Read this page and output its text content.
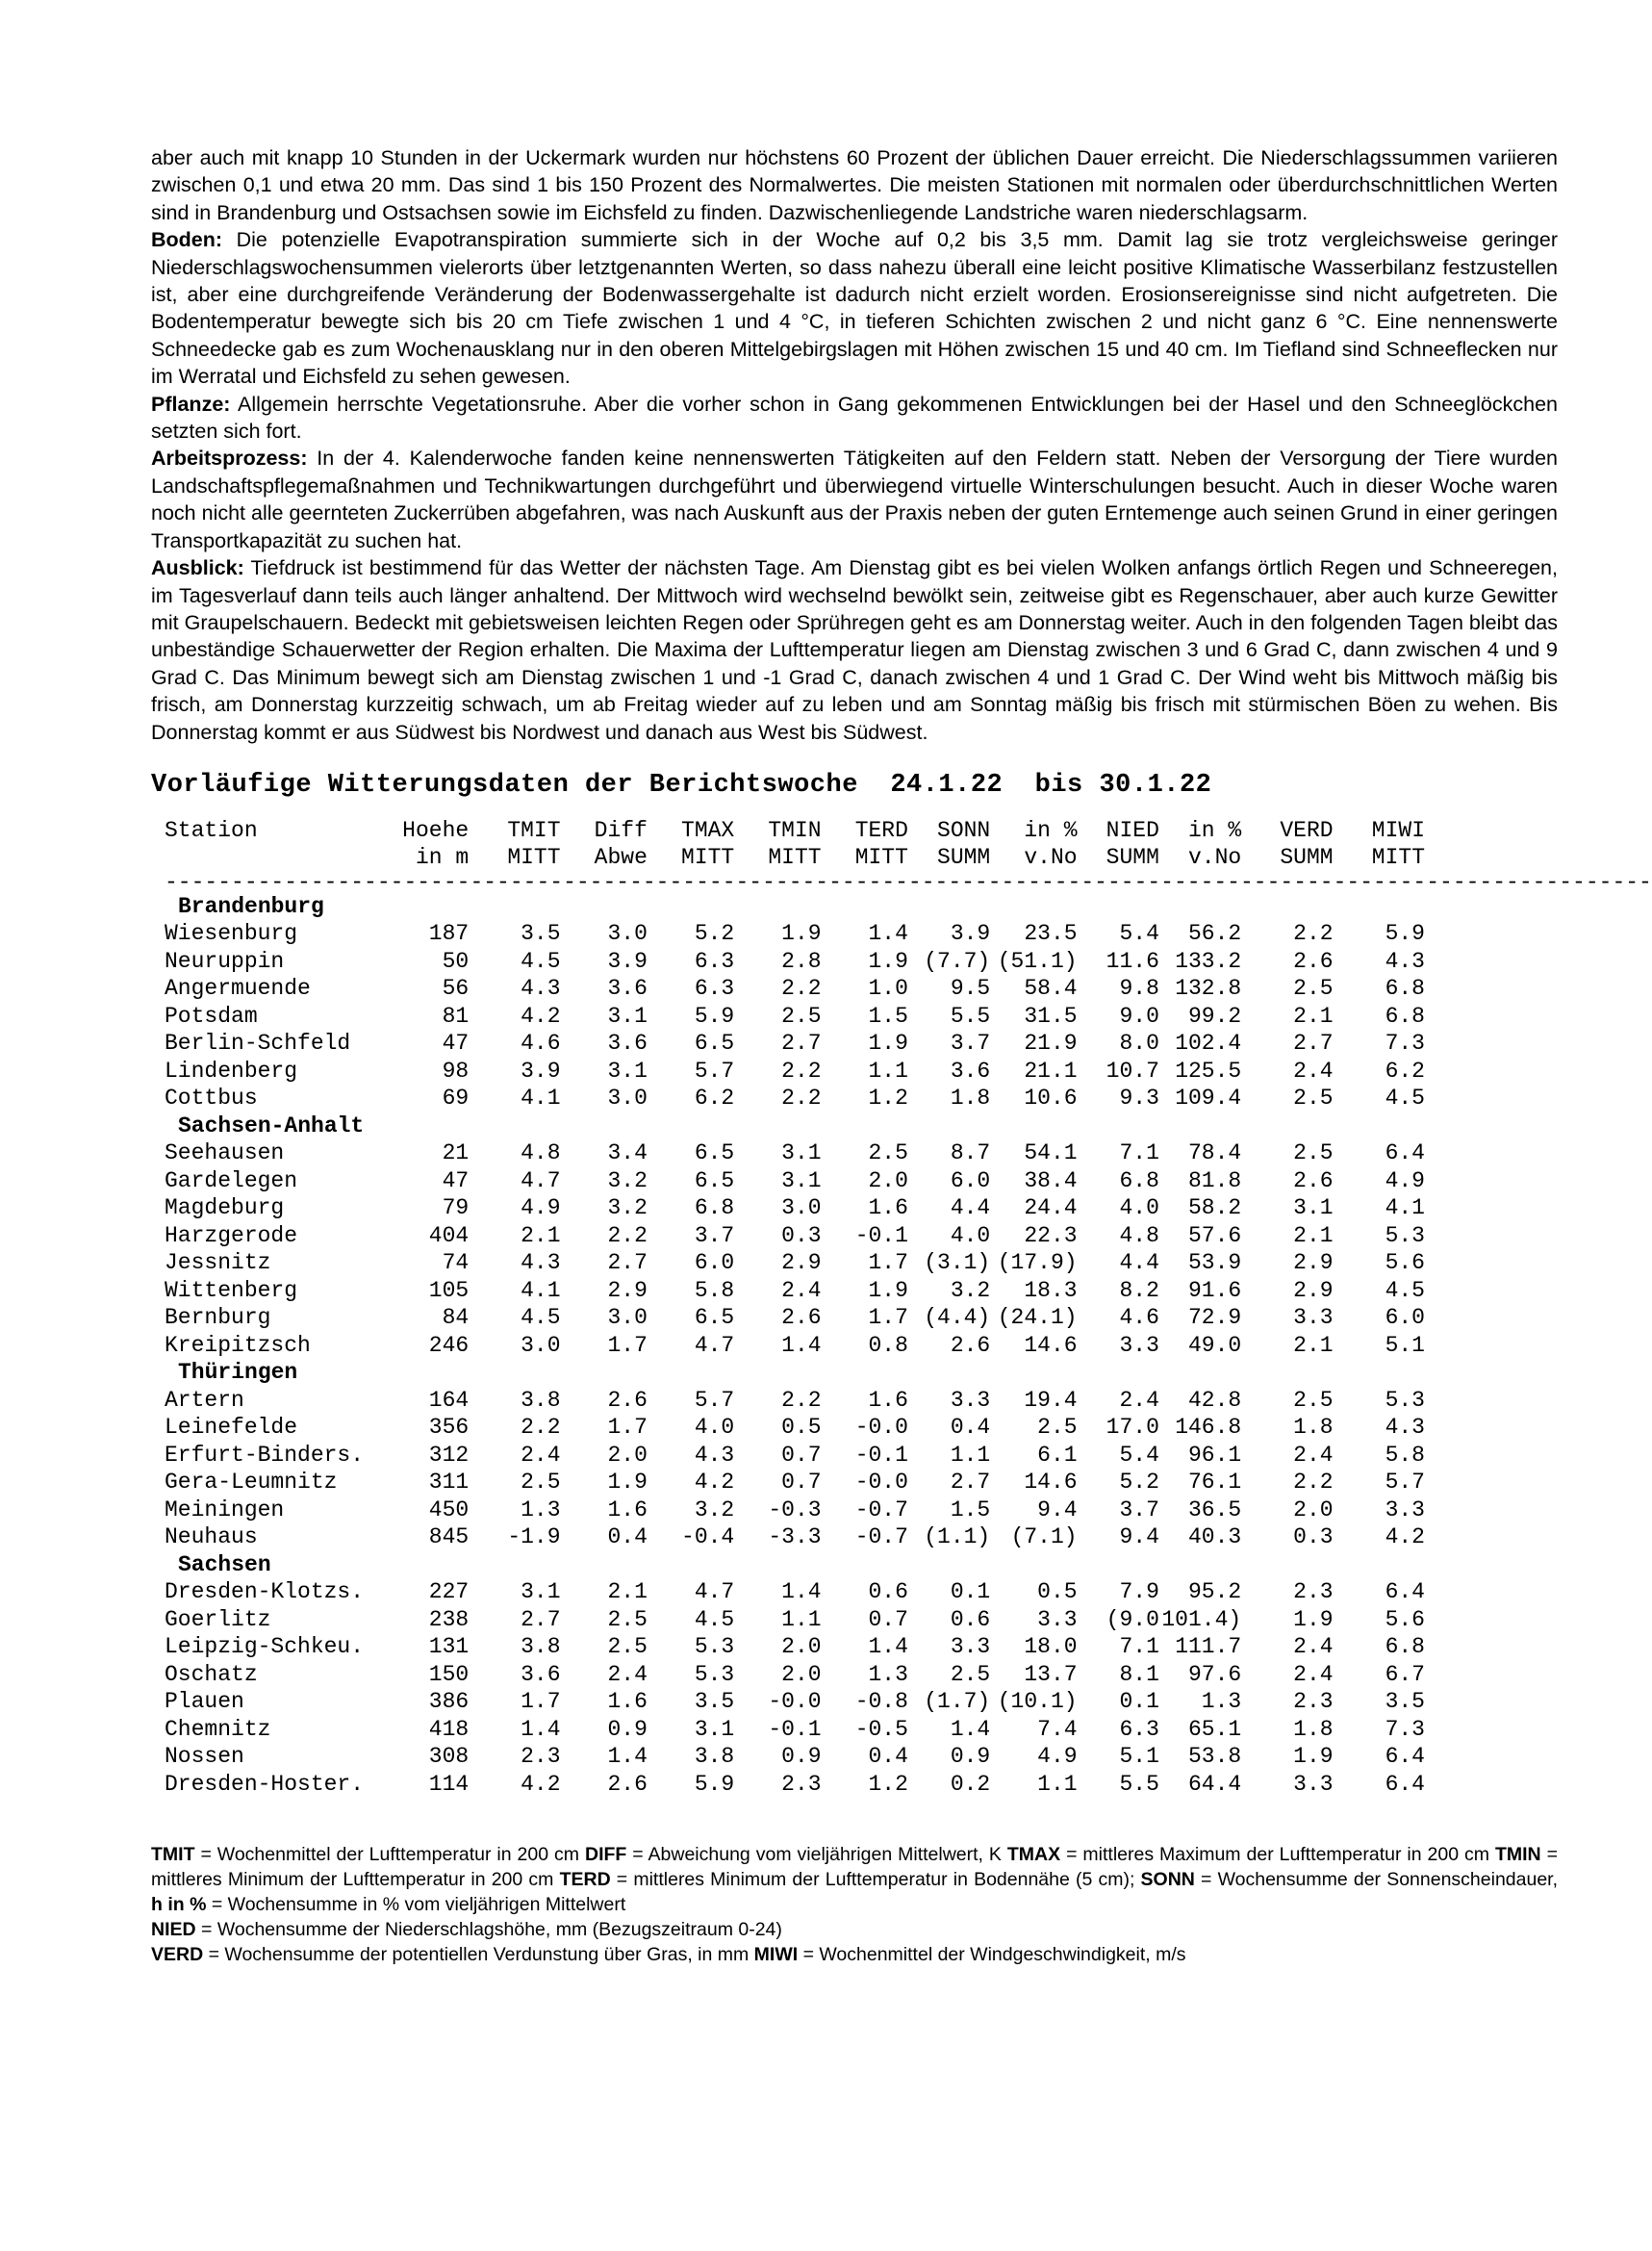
aber auch mit knapp 10 Stunden in der Uckermark wurden nur höchstens 60 Prozent der üblichen Dauer erreicht. Die Niederschlagssummen variieren zwischen 0,1 und etwa 20 mm. Das sind 1 bis 150 Prozent des Normalwertes. Die meisten Stationen mit normalen oder überdurchschnittlichen Werten sind in Brandenburg und Ostsachsen sowie im Eichsfeld zu finden. Dazwischenliegende Landstriche waren niederschlagsarm.

Boden: Die potenzielle Evapotranspiration summierte sich in der Woche auf 0,2 bis 3,5 mm. Damit lag sie trotz vergleichsweise geringer Niederschlagswochensummen vielerorts über letztgenannten Werten, so dass nahezu überall eine leicht positive Klimatische Wasserbilanz festzustellen ist, aber eine durchgreifende Veränderung der Bodenwassergehalte ist dadurch nicht erzielt worden. Erosionsereignisse sind nicht aufgetreten. Die Bodentemperatur bewegte sich bis 20 cm Tiefe zwischen 1 und 4 °C, in tieferen Schichten zwischen 2 und nicht ganz 6 °C. Eine nennenswerte Schneedecke gab es zum Wochenausklang nur in den oberen Mittelgebirgslagen mit Höhen zwischen 15 und 40 cm. Im Tiefland sind Schneeflecken nur im Werratal und Eichsfeld zu sehen gewesen.

Pflanze: Allgemein herrschte Vegetationsruhe. Aber die vorher schon in Gang gekommenen Entwicklungen bei der Hasel und den Schneeglöckchen setzten sich fort.

Arbeitsprozess: In der 4. Kalenderwoche fanden keine nennenswerten Tätigkeiten auf den Feldern statt. Neben der Versorgung der Tiere wurden Landschaftspflegemaßnahmen und Technikwartungen durchgeführt und überwiegend virtuelle Winterschulungen besucht. Auch in dieser Woche waren noch nicht alle geernteten Zuckerrüben abgefahren, was nach Auskunft aus der Praxis neben der guten Erntemenge auch seinen Grund in einer geringen Transportkapazität zu suchen hat.

Ausblick: Tiefdruck ist bestimmend für das Wetter der nächsten Tage. Am Dienstag gibt es bei vielen Wolken anfangs örtlich Regen und Schneeregen, im Tagesverlauf dann teils auch länger anhaltend. Der Mittwoch wird wechselnd bewölkt sein, zeitweise gibt es Regenschauer, aber auch kurze Gewitter mit Graupelschauern. Bedeckt mit gebietsweisen leichten Regen oder Sprühregen geht es am Donnerstag weiter. Auch in den folgenden Tagen bleibt das unbeständige Schauerwetter der Region erhalten. Die Maxima der Lufttemperatur liegen am Dienstag zwischen 3 und 6 Grad C, dann zwischen 4 und 9 Grad C. Das Minimum bewegt sich am Dienstag zwischen 1 und -1 Grad C, danach zwischen 4 und 1 Grad C. Der Wind weht bis Mittwoch mäßig bis frisch, am Donnerstag kurzzeitig schwach, um ab Freitag wieder auf zu leben und am Sonntag mäßig bis frisch mit stürmischen Böen zu wehen. Bis Donnerstag kommt er aus Südwest bis Nordwest und danach aus West bis Südwest.

Vorläufige Witterungsdaten der Berichtswoche  24.1.22  bis 30.1.22
Station	Hoehe	TMIT	Diff	TMAX	TMIN	TERD	SONN	in %	NIED	in %	VERD	MIWI
	in m	MITT	Abwe	MITT	MITT	MITT	SUMM	v.No	SUMM	v.No	SUMM	MITT

----------------------------------------------------------------------------------------------------------------												

Brandenburg												
Wiesenburg	187	3.5	3.0	5.2	1.9	1.4	3.9	23.5	5.4	56.2	2.2	5.9
Neuruppin	50	4.5	3.9	6.3	2.8	1.9	(7.7)	(51.1)	11.6	133.2	2.6	4.3
Angermuende	56	4.3	3.6	6.3	2.2	1.0	9.5	58.4	9.8	132.8	2.5	6.8
Potsdam	81	4.2	3.1	5.9	2.5	1.5	5.5	31.5	9.0	99.2	2.1	6.8
Berlin-Schfeld	47	4.6	3.6	6.5	2.7	1.9	3.7	21.9	8.0	102.4	2.7	7.3
Lindenberg	98	3.9	3.1	5.7	2.2	1.1	3.6	21.1	10.7	125.5	2.4	6.2
Cottbus	69	4.1	3.0	6.2	2.2	1.2	1.8	10.6	9.3	109.4	2.5	4.5
Sachsen-Anhalt												
Seehausen	21	4.8	3.4	6.5	3.1	2.5	8.7	54.1	7.1	78.4	2.5	6.4
Gardelegen	47	4.7	3.2	6.5	3.1	2.0	6.0	38.4	6.8	81.8	2.6	4.9
Magdeburg	79	4.9	3.2	6.8	3.0	1.6	4.4	24.4	4.0	58.2	3.1	4.1
Harzgerode	404	2.1	2.2	3.7	0.3	-0.1	4.0	22.3	4.8	57.6	2.1	5.3
Jessnitz	74	4.3	2.7	6.0	2.9	1.7	(3.1)	(17.9)	4.4	53.9	2.9	5.6
Wittenberg	105	4.1	2.9	5.8	2.4	1.9	3.2	18.3	8.2	91.6	2.9	4.5
Bernburg	84	4.5	3.0	6.5	2.6	1.7	(4.4)	(24.1)	4.6	72.9	3.3	6.0
Kreipitzsch	246	3.0	1.7	4.7	1.4	0.8	2.6	14.6	3.3	49.0	2.1	5.1
Thüringen												
Artern	164	3.8	2.6	5.7	2.2	1.6	3.3	19.4	2.4	42.8	2.5	5.3
Leinefelde	356	2.2	1.7	4.0	0.5	-0.0	0.4	2.5	17.0	146.8	1.8	4.3
Erfurt-Binders.	312	2.4	2.0	4.3	0.7	-0.1	1.1	6.1	5.4	96.1	2.4	5.8
Gera-Leumnitz	311	2.5	1.9	4.2	0.7	-0.0	2.7	14.6	5.2	76.1	2.2	5.7
Meiningen	450	1.3	1.6	3.2	-0.3	-0.7	1.5	9.4	3.7	36.5	2.0	3.3
Neuhaus	845	-1.9	0.4	-0.4	-3.3	-0.7	(1.1)	(7.1)	9.4	40.3	0.3	4.2
Sachsen												
Dresden-Klotzs.	227	3.1	2.1	4.7	1.4	0.6	0.1	0.5	7.9	95.2	2.3	6.4
Goerlitz	238	2.7	2.5	4.5	1.1	0.7	0.6	3.3	(9.0	101.4)	1.9	5.6
Leipzig-Schkeu.	131	3.8	2.5	5.3	2.0	1.4	3.3	18.0	7.1	111.7	2.4	6.8
Oschatz	150	3.6	2.4	5.3	2.0	1.3	2.5	13.7	8.1	97.6	2.4	6.7
Plauen	386	1.7	1.6	3.5	-0.0	-0.8	(1.7)	(10.1)	0.1	1.3	2.3	3.5
Chemnitz	418	1.4	0.9	3.1	-0.1	-0.5	1.4	7.4	6.3	65.1	1.8	7.3
Nossen	308	2.3	1.4	3.8	0.9	0.4	0.9	4.9	5.1	53.8	1.9	6.4
Dresden-Hoster.	114	4.2	2.6	5.9	2.3	1.2	0.2	1.1	5.5	64.4	3.3	6.4

TMIT = Wochenmittel der Lufttemperatur in 200 cm DIFF = Abweichung vom vieljährigen Mittelwert, K TMAX = mittleres Maximum der Lufttemperatur in 200 cm TMIN = mittleres Minimum der Lufttemperatur in 200 cm TERD = mittleres Minimum der Lufttemperatur in Bodennähe (5 cm); SONN = Wochensumme der Sonnenscheindauer, h in % = Wochensumme in % vom vieljährigen Mittelwert

NIED = Wochensumme der Niederschlagshöhe, mm (Bezugszeitraum 0-24)

VERD = Wochensumme der potentiellen Verdunstung über Gras, in mm MIWI = Wochenmittel der Windgeschwindigkeit, m/s
